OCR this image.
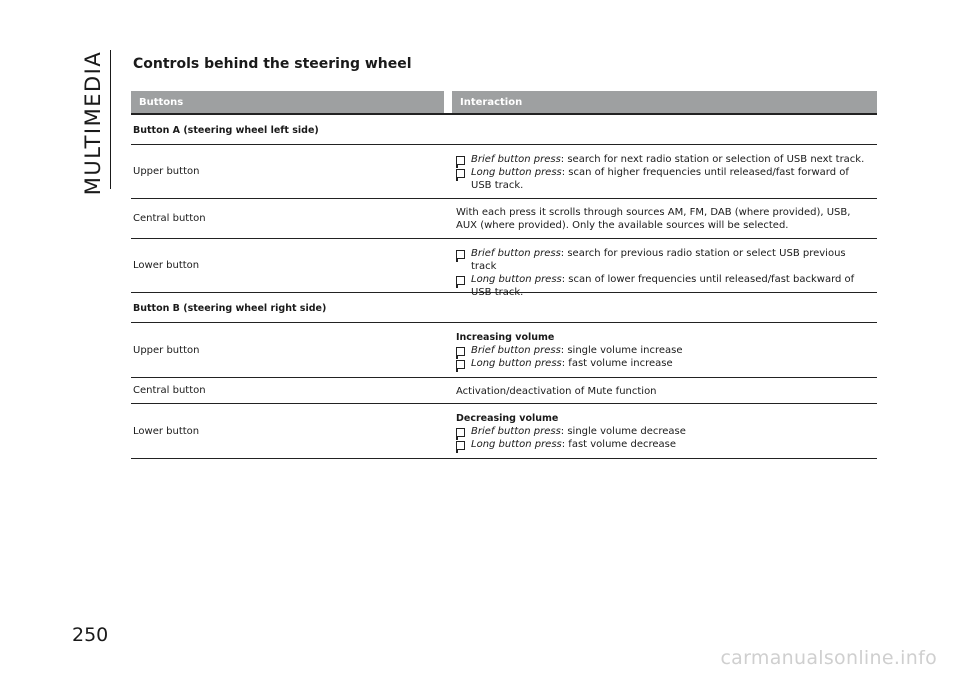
MULTIMEDIA Controls behind the steering wheel
Buttons	Interaction
Button A (steering wheel left side)
Upper button
Brief button press: search for next radio station or selection of USB next track.
Long button press: scan of higher frequencies until released/fast forward of USB track.
Central button
With each press it scrolls through sources AM, FM, DAB (where provided), USB, AUX (where provided). Only the available sources will be selected.
Lower button
Brief button press: search for previous radio station or select USB previous track
Long button press: scan of lower frequencies until released/fast backward of USB track.
Button B (steering wheel right side)
Upper button
Increasing volume
Brief button press: single volume increase
Long button press: fast volume increase
Central button	Activation/deactivation of Mute function
Lower button
Decreasing volume
Brief button press: single volume decrease
Long button press: fast volume decrease
250
carmanualsonline.info
